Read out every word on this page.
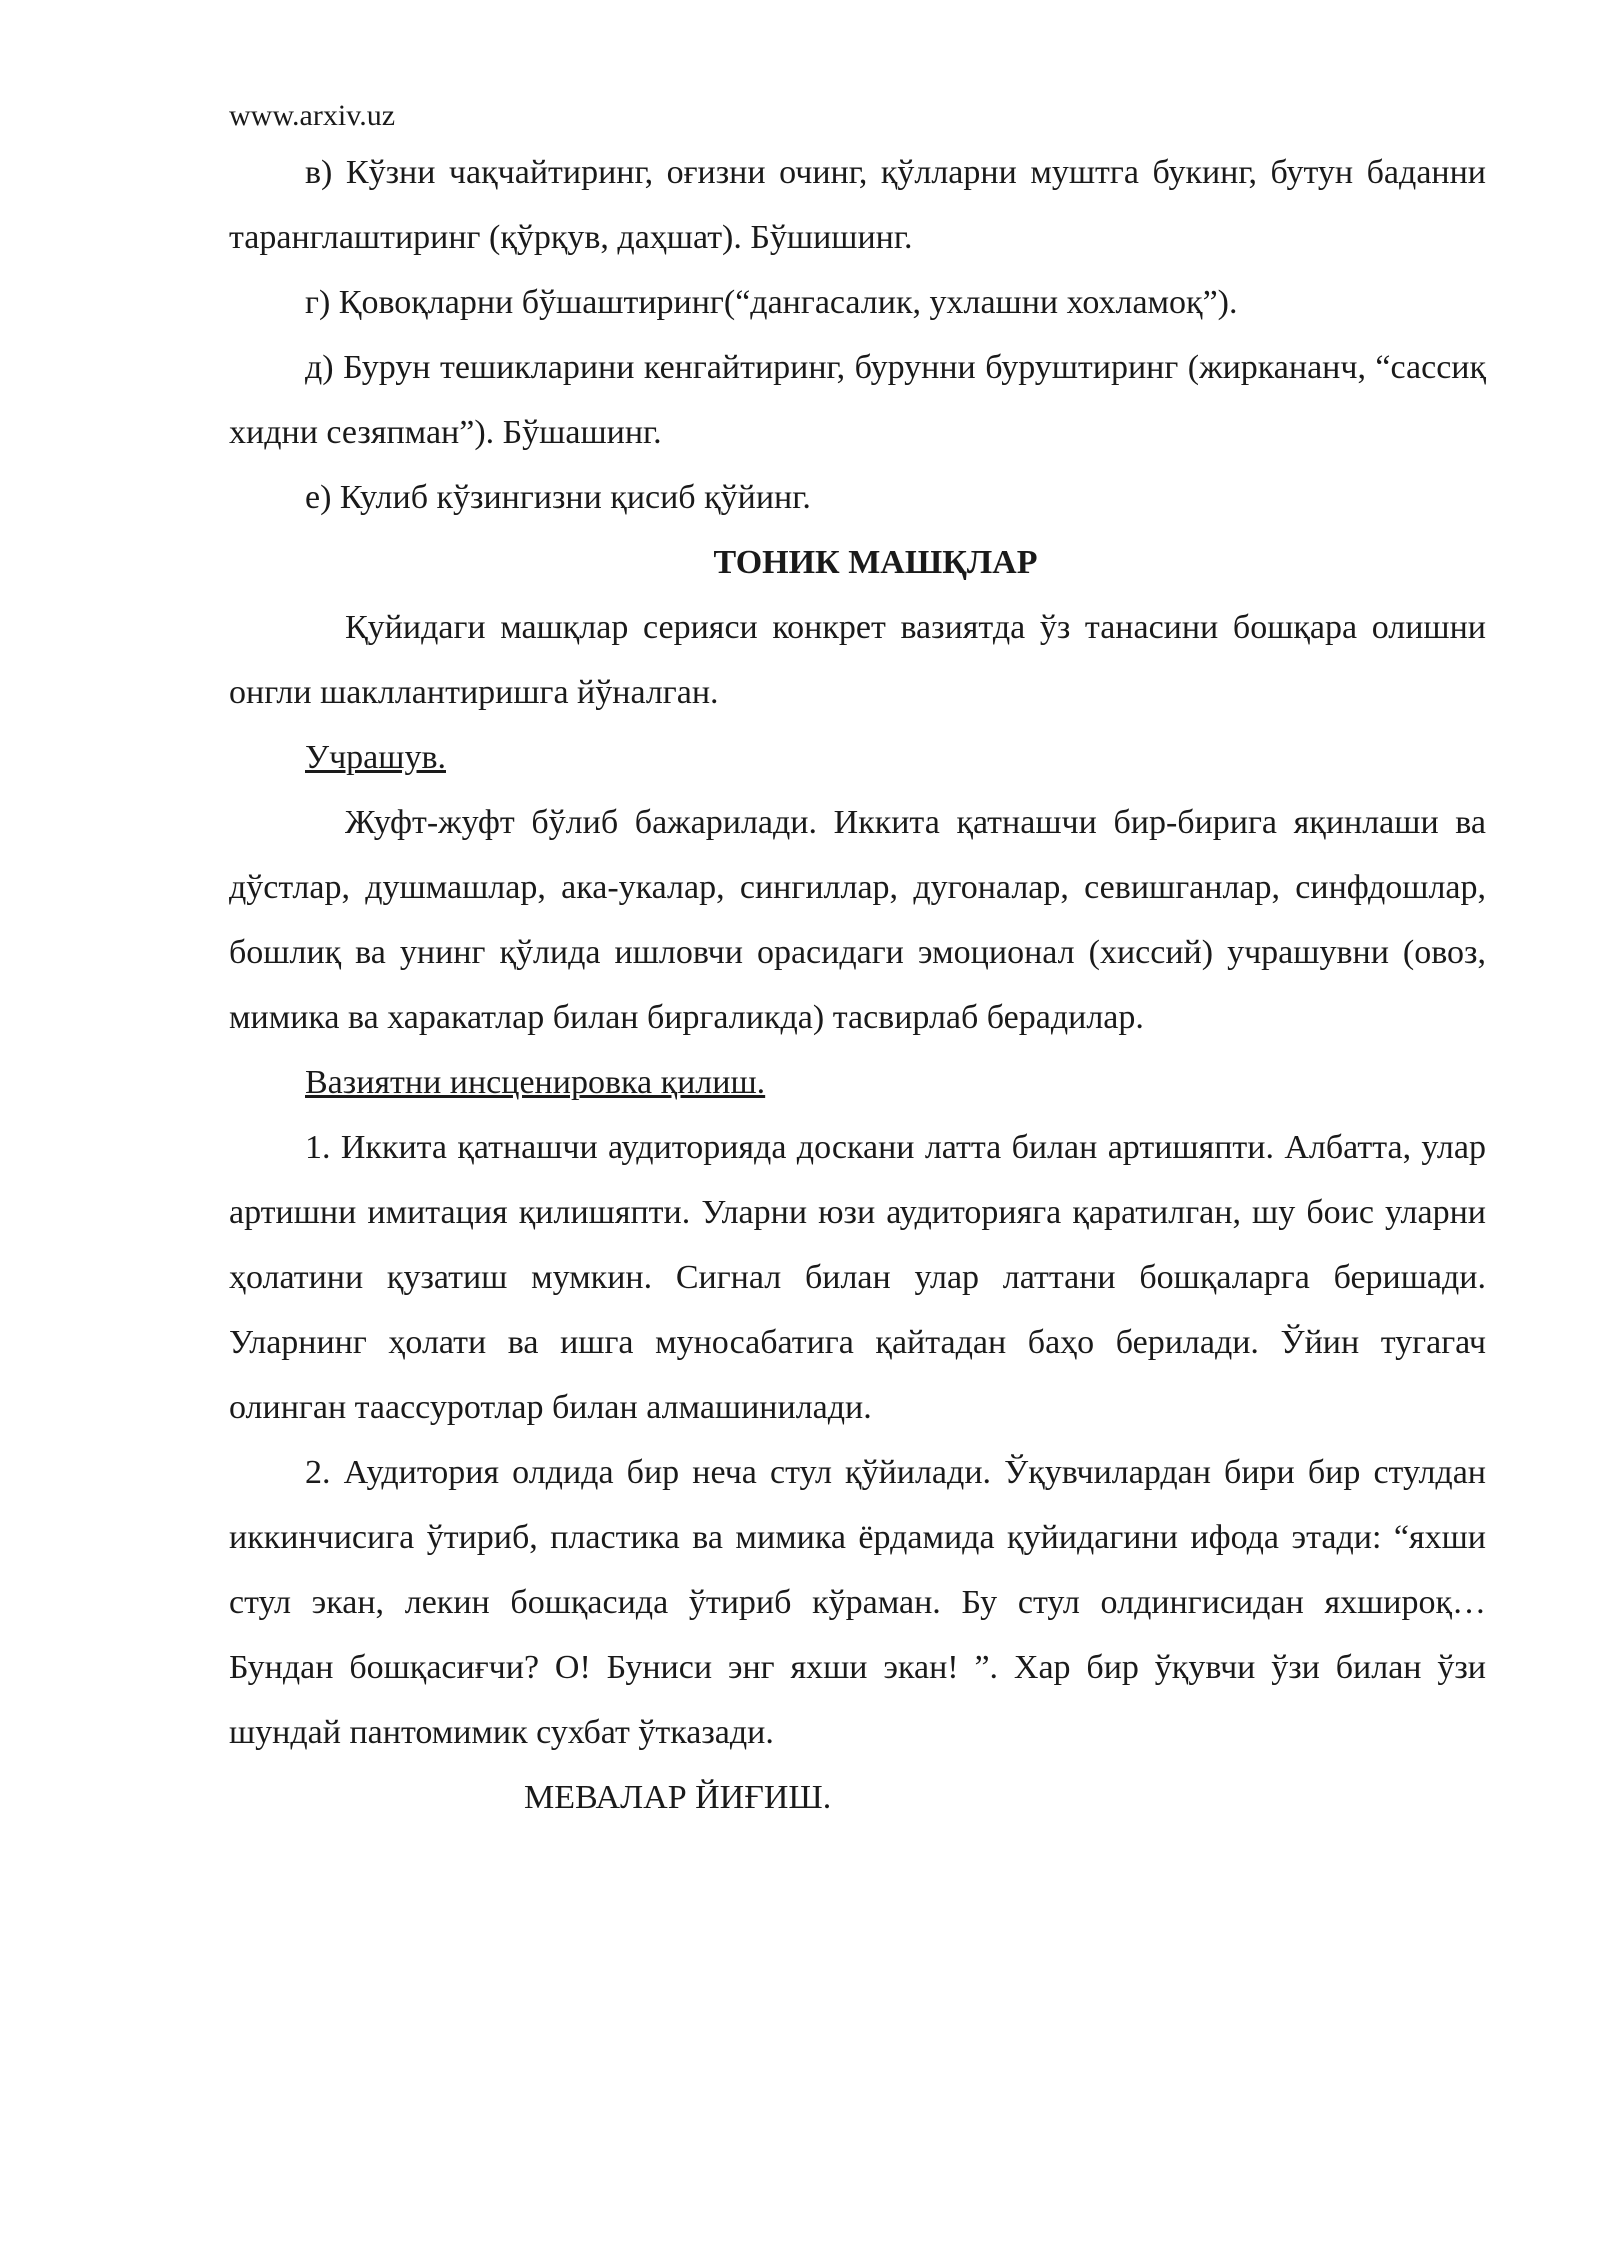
www.arxiv.uz

в) Кўзни чақчайтиринг, оғизни очинг, қўлларни муштга букинг, бутун баданни таранглаштиринг (қўрқув, даҳшат). Бўшишинг.

г) Қовоқларни бўшаштиринг(“дангасалик, ухлашни хохламоқ”).

д) Бурун тешикларини кенгайтиринг, бурунни буруштиринг (жиркананч, “сассиқ хидни сезяпман”). Бўшашинг.

е) Кулиб кўзингизни қисиб қўйинг.

ТОНИК МАШҚЛАР

Қуйидаги машқлар серияси конкрет вазиятда ўз танасини бошқара олишни онгли шакллантиришга йўналган.

Учрашув.

Жуфт-жуфт бўлиб бажарилади. Иккита қатнашчи бир-бирига яқинлаши ва дўстлар, душмашлар, ака-укалар, сингиллар, дугоналар, севишганлар, синфдошлар, бошлиқ ва унинг қўлида ишловчи орасидаги эмоционал (хиссий) учрашувни (овоз, мимика ва харакатлар билан биргаликда) тасвирлаб берадилар.

Вазиятни инсценировка қилиш.

1. Иккита қатнашчи аудиторияда доскани латта билан артишяпти. Албатта, улар артишни имитация қилишяпти. Уларни юзи аудиторияга қаратилган, шу боис уларни ҳолатини қузатиш мумкин. Сигнал билан улар латтани бошқаларга беришади. Уларнинг ҳолати ва ишга муносабатига қайтадан баҳо берилади. Ўйин тугагач олинган таассуротлар билан алмашинилади.

2. Аудитория олдида бир неча стул қўйилади. Ўқувчилардан бири бир стулдан иккинчисига ўтириб, пластика ва мимика ёрдамида қуйидагини ифода этади: “яхши стул экан, лекин бошқасида ўтириб кўраман. Бу стул олдингисидан яхшироқ… Бундан бошқасиғчи? О! Буниси энг яхши экан! ”. Хар бир ўқувчи ўзи билан ўзи шундай пантомимик сухбат ўтказади.

МЕВАЛАР ЙИҒИШ.
